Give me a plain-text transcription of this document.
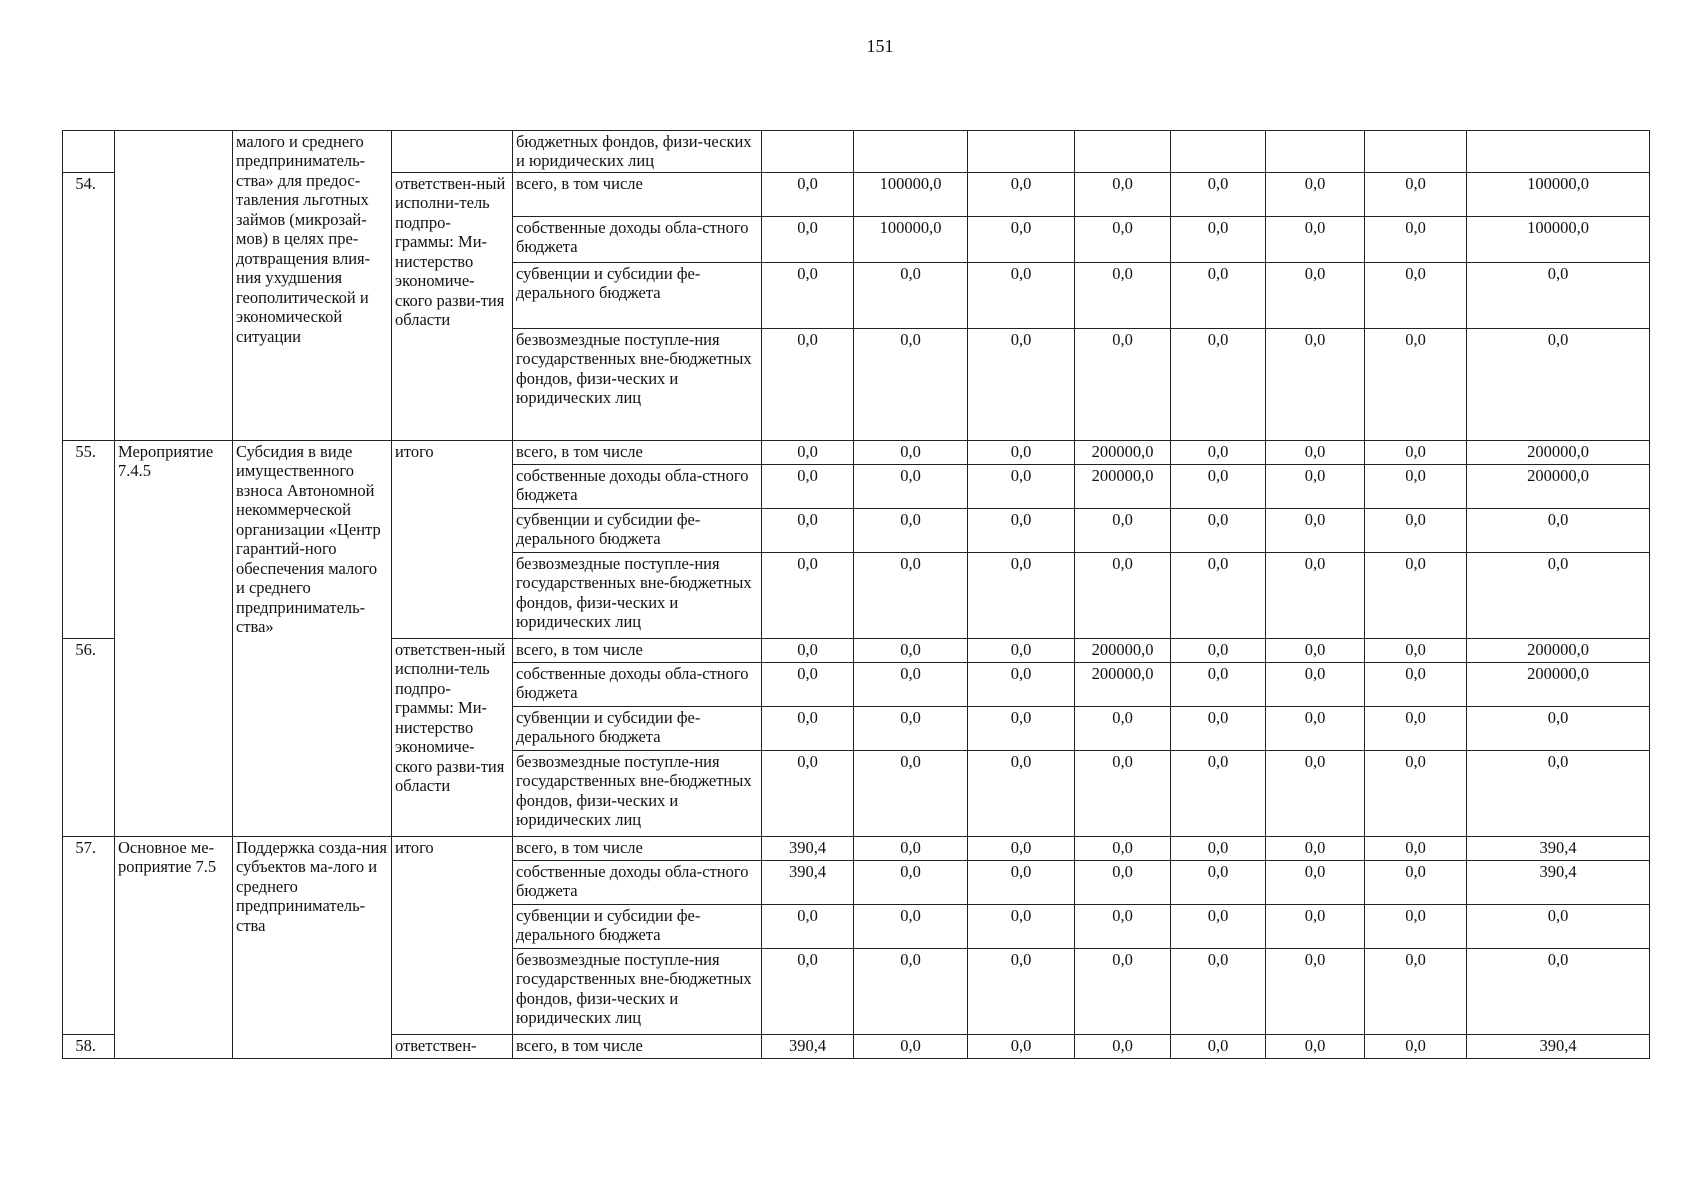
151
		малого и среднего предприниматель-ства» для предос-тавления льготных займов (микрозай-мов) в целях пре-дотвращения влия-ния ухудшения геополитической и экономической ситуации		бюджетных фондов, физи-ческих и юридических лиц								
54.			ответствен-ный исполни-тель подпро-граммы: Ми-нистерство экономиче-ского разви-тия области	всего, в том числе	0,0	100000,0	0,0	0,0	0,0	0,0	0,0	100000,0
				собственные доходы обла-стного бюджета	0,0	100000,0	0,0	0,0	0,0	0,0	0,0	100000,0
				субвенции и субсидии фе-дерального бюджета	0,0	0,0	0,0	0,0	0,0	0,0	0,0	0,0
				безвозмездные поступле-ния государственных вне-бюджетных фондов, физи-ческих и юридических лиц	0,0	0,0	0,0	0,0	0,0	0,0	0,0	0,0
55.	Мероприятие 7.4.5	Субсидия в виде имущественного взноса Автономной некоммерческой организации «Центр гарантий-ного обеспечения малого и среднего предприниматель-ства»	итого	всего, в том числе	0,0	0,0	0,0	200000,0	0,0	0,0	0,0	200000,0
				собственные доходы обла-стного бюджета	0,0	0,0	0,0	200000,0	0,0	0,0	0,0	200000,0
				субвенции и субсидии фе-дерального бюджета	0,0	0,0	0,0	0,0	0,0	0,0	0,0	0,0
				безвозмездные поступле-ния государственных вне-бюджетных фондов, физи-ческих и юридических лиц	0,0	0,0	0,0	0,0	0,0	0,0	0,0	0,0
56.			ответствен-ный исполни-тель подпро-граммы: Ми-нистерство экономиче-ского разви-тия области	всего, в том числе	0,0	0,0	0,0	200000,0	0,0	0,0	0,0	200000,0
				собственные доходы обла-стного бюджета	0,0	0,0	0,0	200000,0	0,0	0,0	0,0	200000,0
				субвенции и субсидии фе-дерального бюджета	0,0	0,0	0,0	0,0	0,0	0,0	0,0	0,0
				безвозмездные поступле-ния государственных вне-бюджетных фондов, физи-ческих и юридических лиц	0,0	0,0	0,0	0,0	0,0	0,0	0,0	0,0
57.	Основное ме-роприятие 7.5	Поддержка созда-ния субъектов ма-лого и среднего предприниматель-ства	итого	всего, в том числе	390,4	0,0	0,0	0,0	0,0	0,0	0,0	390,4
				собственные доходы обла-стного бюджета	390,4	0,0	0,0	0,0	0,0	0,0	0,0	390,4
				субвенции и субсидии фе-дерального бюджета	0,0	0,0	0,0	0,0	0,0	0,0	0,0	0,0
				безвозмездные поступле-ния государственных вне-бюджетных фондов, физи-ческих и юридических лиц	0,0	0,0	0,0	0,0	0,0	0,0	0,0	0,0
58.			ответствен-	всего, в том числе	390,4	0,0	0,0	0,0	0,0	0,0	0,0	390,4
